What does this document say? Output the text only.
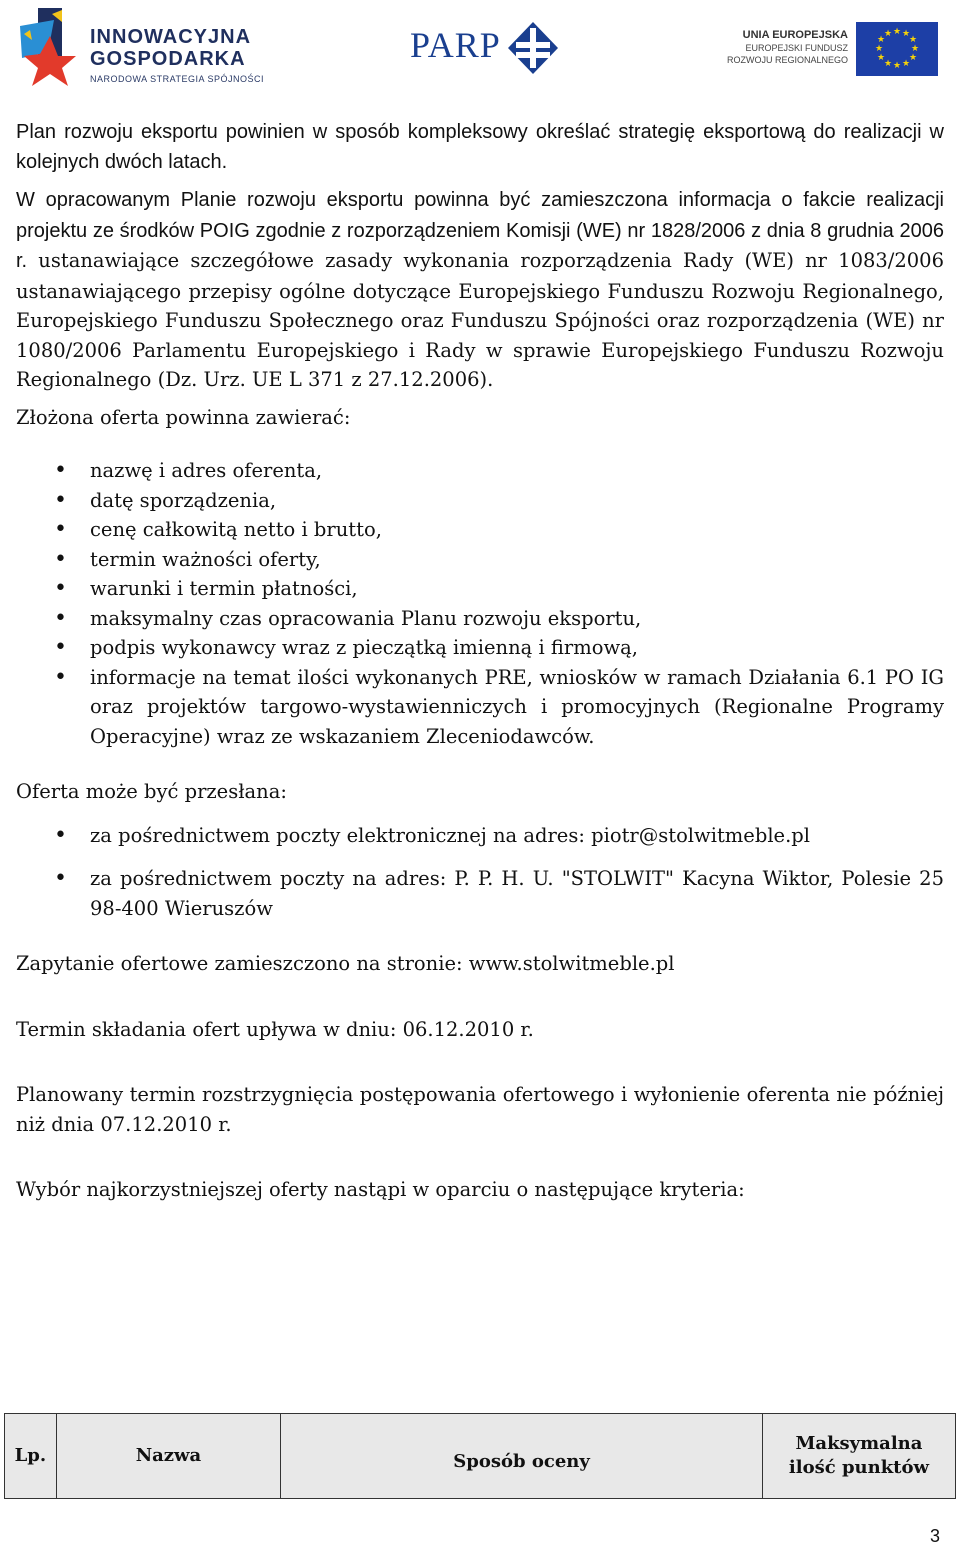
INNOWACYJNA
GOSPODARKA
NARODOWA STRATEGIA SPÓJNOŚCI
PARP	UNIA EUROPEJSKA
EUROPEJSKI FUNDUSZ
ROZWOJU REGIONALNEGO
★ ★
★
★
★
★
★
★
★
★
★
★

Plan rozwoju eksportu powinien w sposób kompleksowy określać strategię eksportową do realizacji w kolejnych dwóch latach.

W opracowanym Planie rozwoju eksportu powinna być zamieszczona informacja o fakcie realizacji projektu ze środków POIG zgodnie z rozporządzeniem Komisji (WE) nr 1828/2006 z dnia 8 grudnia 2006 r. ustanawiające szczegółowe zasady wykonania rozporządzenia Rady (WE) nr 1083/2006 ustanawiającego przepisy ogólne dotyczące Europejskiego Funduszu Rozwoju Regionalnego, Europejskiego Funduszu Społecznego oraz Funduszu Spójności oraz rozporządzenia (WE) nr 1080/2006 Parlamentu Europejskiego i Rady w sprawie Europejskiego Funduszu Rozwoju Regionalnego (Dz. Urz. UE L 371 z 27.12.2006).

Złożona oferta powinna zawierać:

• nazwę i adres oferenta,
• datę sporządzenia,
• cenę całkowitą netto i brutto,
• termin ważności oferty,
• warunki i termin płatności,
• maksymalny czas opracowania Planu rozwoju eksportu,
• podpis wykonawcy wraz z pieczątką imienną i firmową,
• informacje na temat ilości wykonanych PRE, wniosków w ramach Działania 6.1 PO IG oraz projektów targowo-wystawienniczych i promocyjnych (Regionalne Programy Operacyjne) wraz ze wskazaniem Zleceniodawców.

Oferta może być przesłana:

• za pośrednictwem poczty elektronicznej na adres: piotr@stolwitmeble.pl
• za pośrednictwem poczty na adres: P. P. H. U. "STOLWIT" Kacyna Wiktor, Polesie 25 98-400 Wieruszów

Zapytanie ofertowe zamieszczono na stronie: www.stolwitmeble.pl

Termin składania ofert upływa w dniu: 06.12.2010 r.

Planowany termin rozstrzygnięcia postępowania ofertowego i wyłonienie oferenta nie później niż dnia 07.12.2010 r.

Wybór najkorzystniejszej oferty nastąpi w oparciu o następujące kryteria:

Lp.	Nazwa	Sposób oceny	Maksymalna ilość punktów
3
